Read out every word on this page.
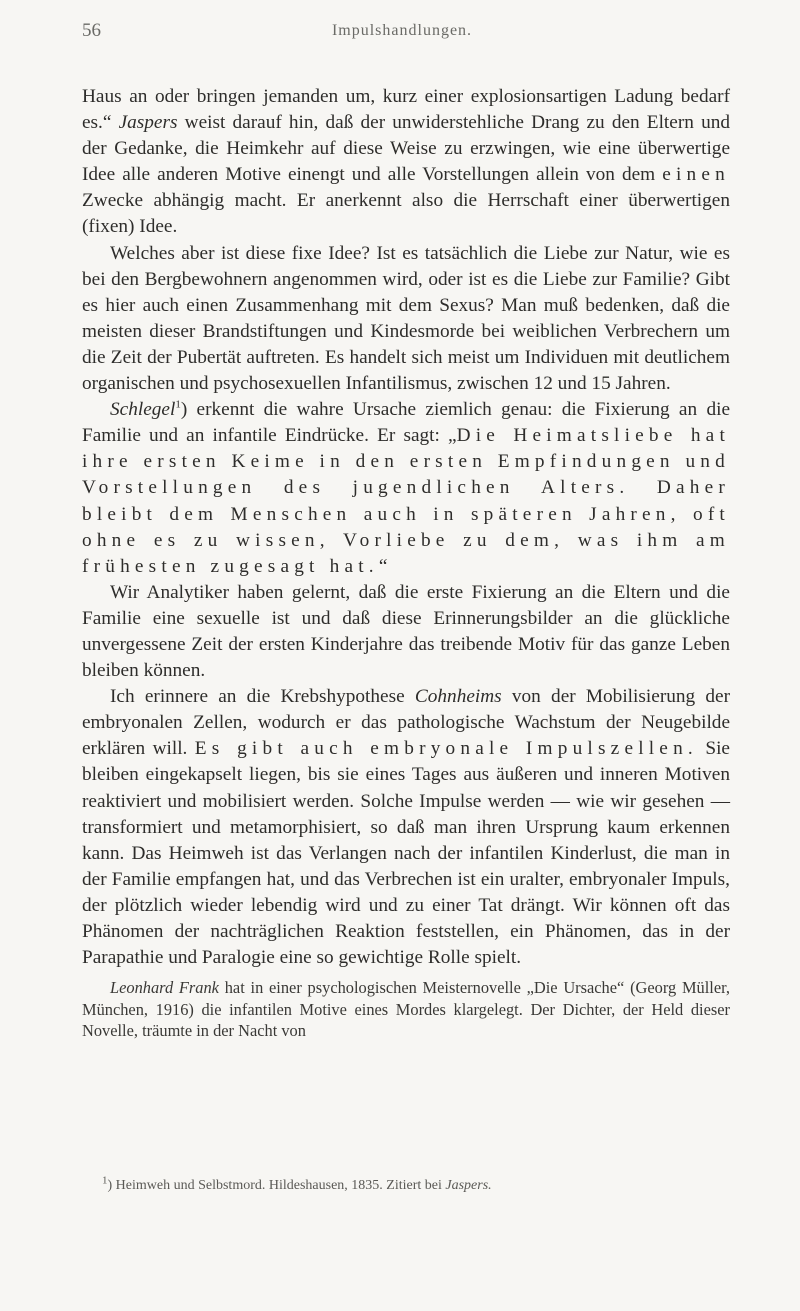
56	Impulshandlungen.

Haus an oder bringen jemanden um, kurz einer explosionsartigen Ladung bedarf es.“ Jaspers weist darauf hin, daß der unwiderstehliche Drang zu den Eltern und der Gedanke, die Heimkehr auf diese Weise zu erzwingen, wie eine überwertige Idee alle anderen Motive einengt und alle Vorstellungen allein von dem einen Zwecke abhängig macht. Er anerkennt also die Herrschaft einer überwertigen (fixen) Idee.

Welches aber ist diese fixe Idee? Ist es tatsächlich die Liebe zur Natur, wie es bei den Bergbewohnern angenommen wird, oder ist es die Liebe zur Familie? Gibt es hier auch einen Zusammenhang mit dem Sexus? Man muß bedenken, daß die meisten dieser Brandstiftungen und Kindesmorde bei weiblichen Verbrechern um die Zeit der Pubertät auftreten. Es handelt sich meist um Individuen mit deutlichem organischen und psychosexuellen Infantilismus, zwischen 12 und 15 Jahren.

Schlegel$^1$) erkennt die wahre Ursache ziemlich genau: die Fixierung an die Familie und an infantile Eindrücke. Er sagt: „Die Heimatsliebe hat ihre ersten Keime in den ersten Empfindungen und Vorstellungen des jugendlichen Alters. Daher bleibt dem Menschen auch in späteren Jahren, oft ohne es zu wissen, Vorliebe zu dem, was ihm am frühesten zugesagt hat.“

Wir Analytiker haben gelernt, daß die erste Fixierung an die Eltern und die Familie eine sexuelle ist und daß diese Erinnerungsbilder an die glückliche unvergessene Zeit der ersten Kinderjahre das treibende Motiv für das ganze Leben bleiben können.

Ich erinnere an die Krebshypothese Cohnheims von der Mobilisierung der embryonalen Zellen, wodurch er das pathologische Wachstum der Neugebilde erklären will. Es gibt auch embryonale Impulszellen. Sie bleiben eingekapselt liegen, bis sie eines Tages aus äußeren und inneren Motiven reaktiviert und mobilisiert werden. Solche Impulse werden — wie wir gesehen — transformiert und metamorphisiert, so daß man ihren Ursprung kaum erkennen kann. Das Heimweh ist das Verlangen nach der infantilen Kinderlust, die man in der Familie empfangen hat, und das Verbrechen ist ein uralter, embryonaler Impuls, der plötzlich wieder lebendig wird und zu einer Tat drängt. Wir können oft das Phänomen der nachträglichen Reaktion feststellen, ein Phänomen, das in der Parapathie und Paralogie eine so gewichtige Rolle spielt.

Leonhard Frank hat in einer psychologischen Meisternovelle „Die Ursache“ (Georg Müller, München, 1916) die infantilen Motive eines Mordes klargelegt. Der Dichter, der Held dieser Novelle, träumte in der Nacht von

$^1$) Heimweh und Selbstmord. Hildeshausen, 1835. Zitiert bei Jaspers.
